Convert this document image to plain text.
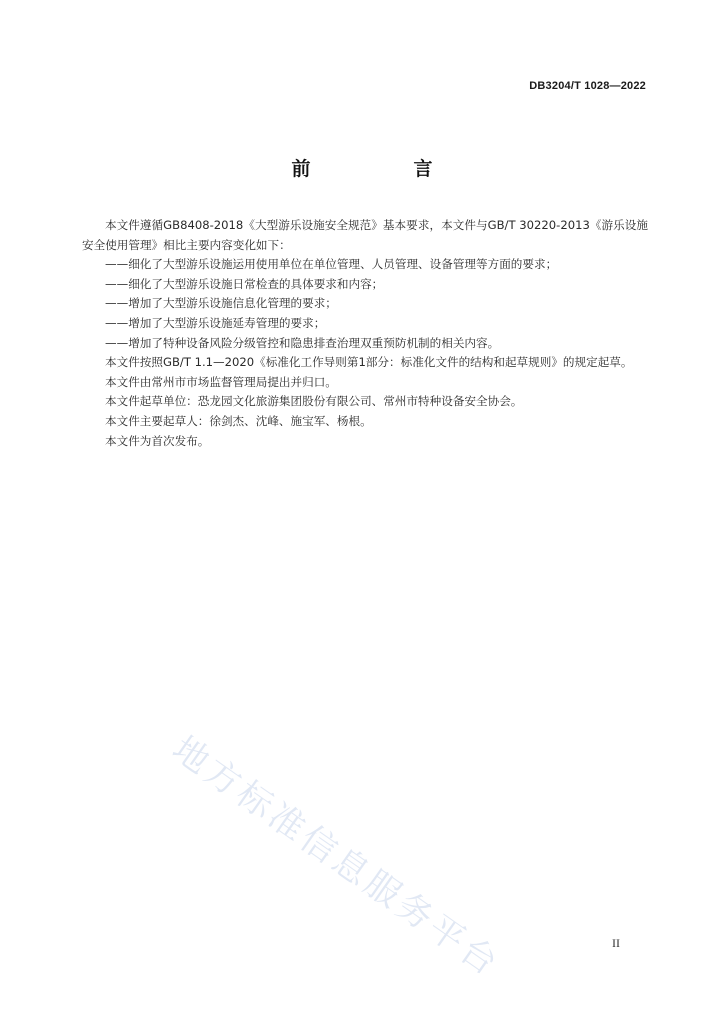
DB3204/T 1028—2022
前　言

本文件遵循GB8408-2018《大型游乐设施安全规范》基本要求，本文件与GB/T 30220-2013《游乐设施安全使用管理》相比主要内容变化如下：

——细化了大型游乐设施运用使用单位在单位管理、人员管理、设备管理等方面的要求；

——细化了大型游乐设施日常检查的具体要求和内容；

——增加了大型游乐设施信息化管理的要求；

——增加了大型游乐设施延寿管理的要求；

——增加了特种设备风险分级管控和隐患排查治理双重预防机制的相关内容。

本文件按照GB/T 1.1—2020《标准化工作导则第1部分：标准化文件的结构和起草规则》的规定起草。

本文件由常州市市场监督管理局提出并归口。

本文件起草单位：恐龙园文化旅游集团股份有限公司、常州市特种设备安全协会。

本文件主要起草人：徐剑杰、沈峰、施宝军、杨根。

本文件为首次发布。

地方标准信息服务平台	II
